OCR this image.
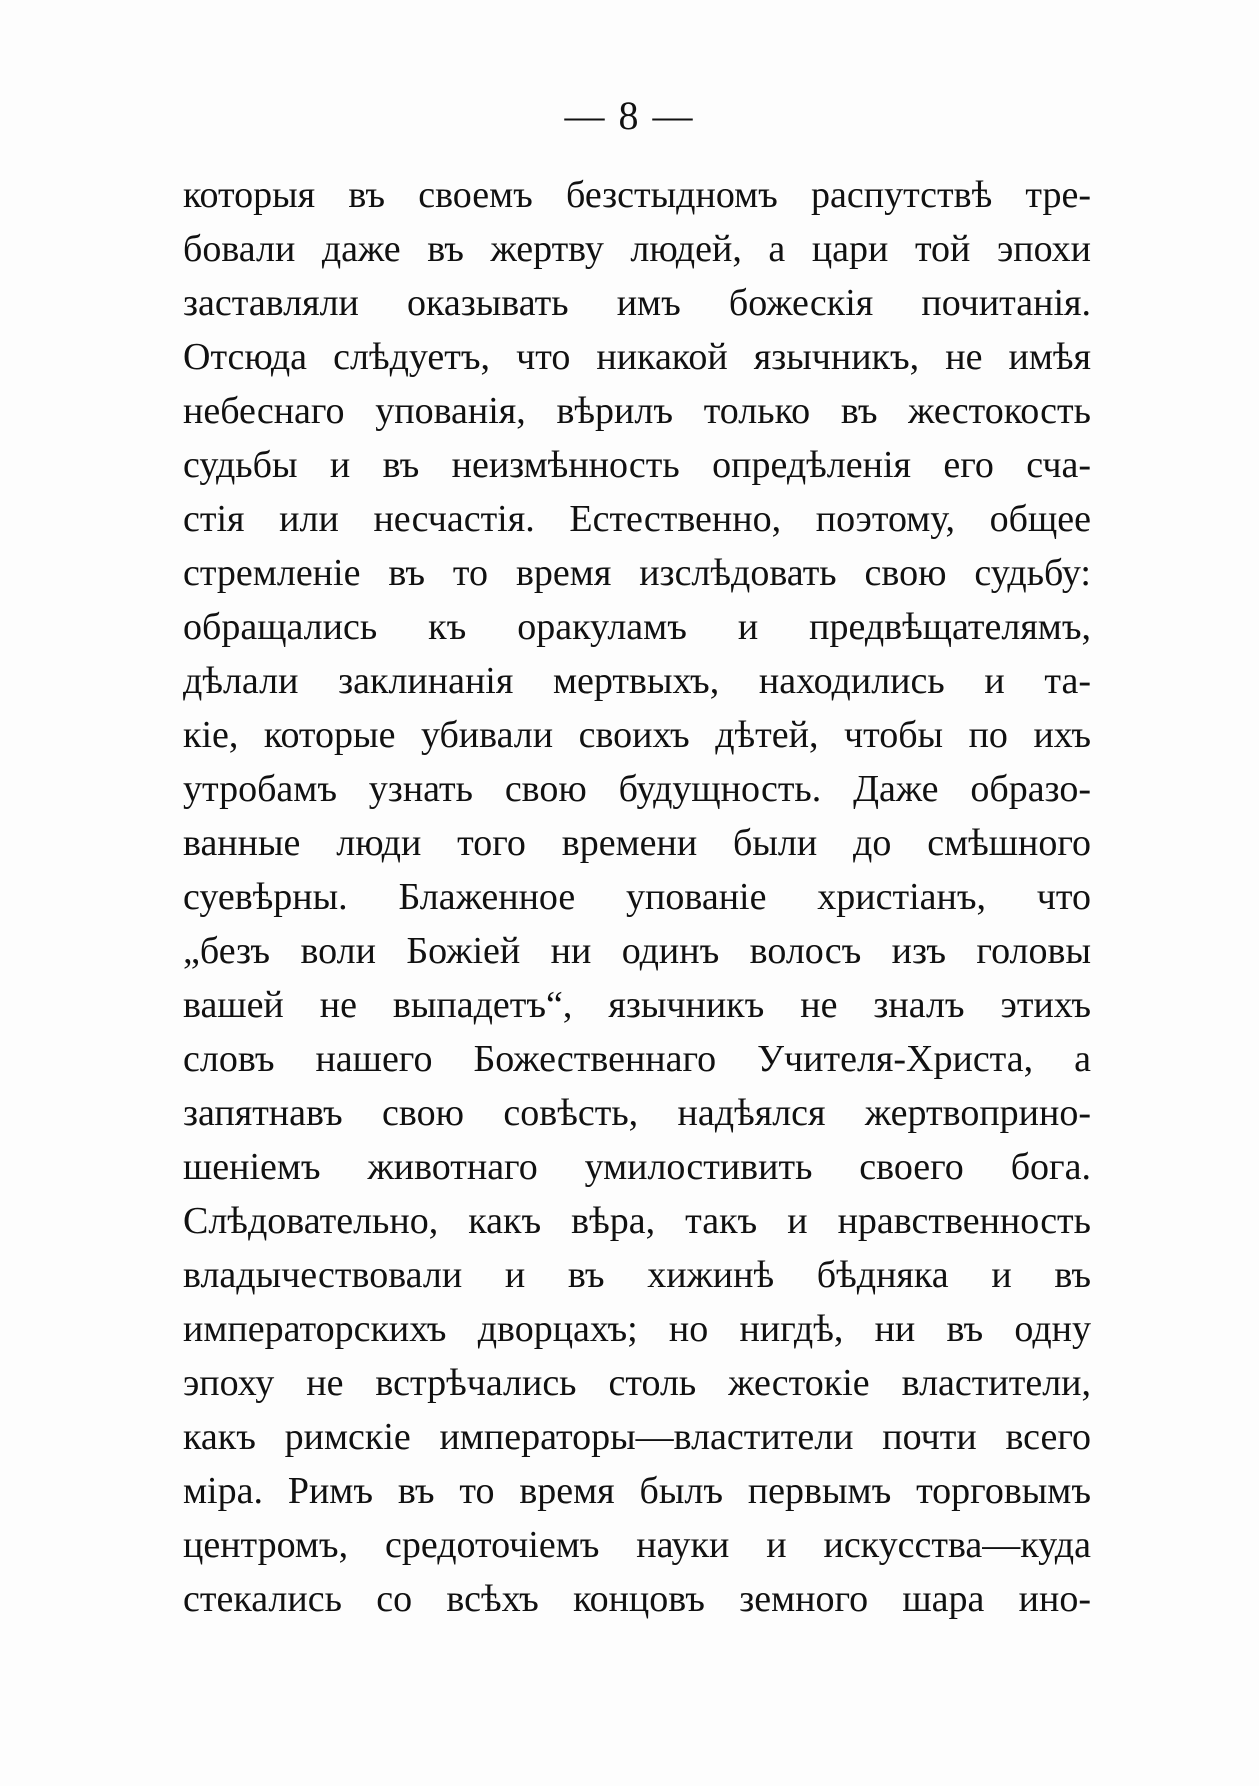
— 8 —
которыя въ своемъ безстыдномъ распутствѣ тре-
бовали даже въ жертву людей, а цари той эпохи
заставляли оказывать имъ божескія почитанія.
Отсюда слѣдуетъ, что никакой язычникъ, не имѣя
небеснаго упованія, вѣрилъ только въ жестокость
судьбы и въ неизмѣнность опредѣленія его сча-
стія или несчастія. Естественно, поэтому, общее
стремленіе въ то время изслѣдовать свою судьбу:
обращались къ оракуламъ и предвѣщателямъ,
дѣлали заклинанія мертвыхъ, находились и та-
кіе, которые убивали своихъ дѣтей, чтобы по ихъ
утробамъ узнать свою будущность. Даже образо-
ванные люди того времени были до смѣшного
суевѣрны. Блаженное упованіе христіанъ, что
„безъ воли Божіей ни одинъ волосъ изъ головы
вашей не выпадетъ“, язычникъ не зналъ этихъ
словъ нашего Божественнаго Учителя-Христа, а
запятнавъ свою совѣсть, надѣялся жертвоприно-
шеніемъ животнаго умилостивить своего бога.
Слѣдовательно, какъ вѣра, такъ и нравственность
владычествовали и въ хижинѣ бѣдняка и въ
императорскихъ дворцахъ; но нигдѣ, ни въ одну
эпоху не встрѣчались столь жестокіе властители,
какъ римскіе императоры—властители почти всего
міра. Римъ въ то время былъ первымъ торговымъ
центромъ, средоточіемъ науки и искусства—куда
стекались со всѣхъ концовъ земного шара ино-
